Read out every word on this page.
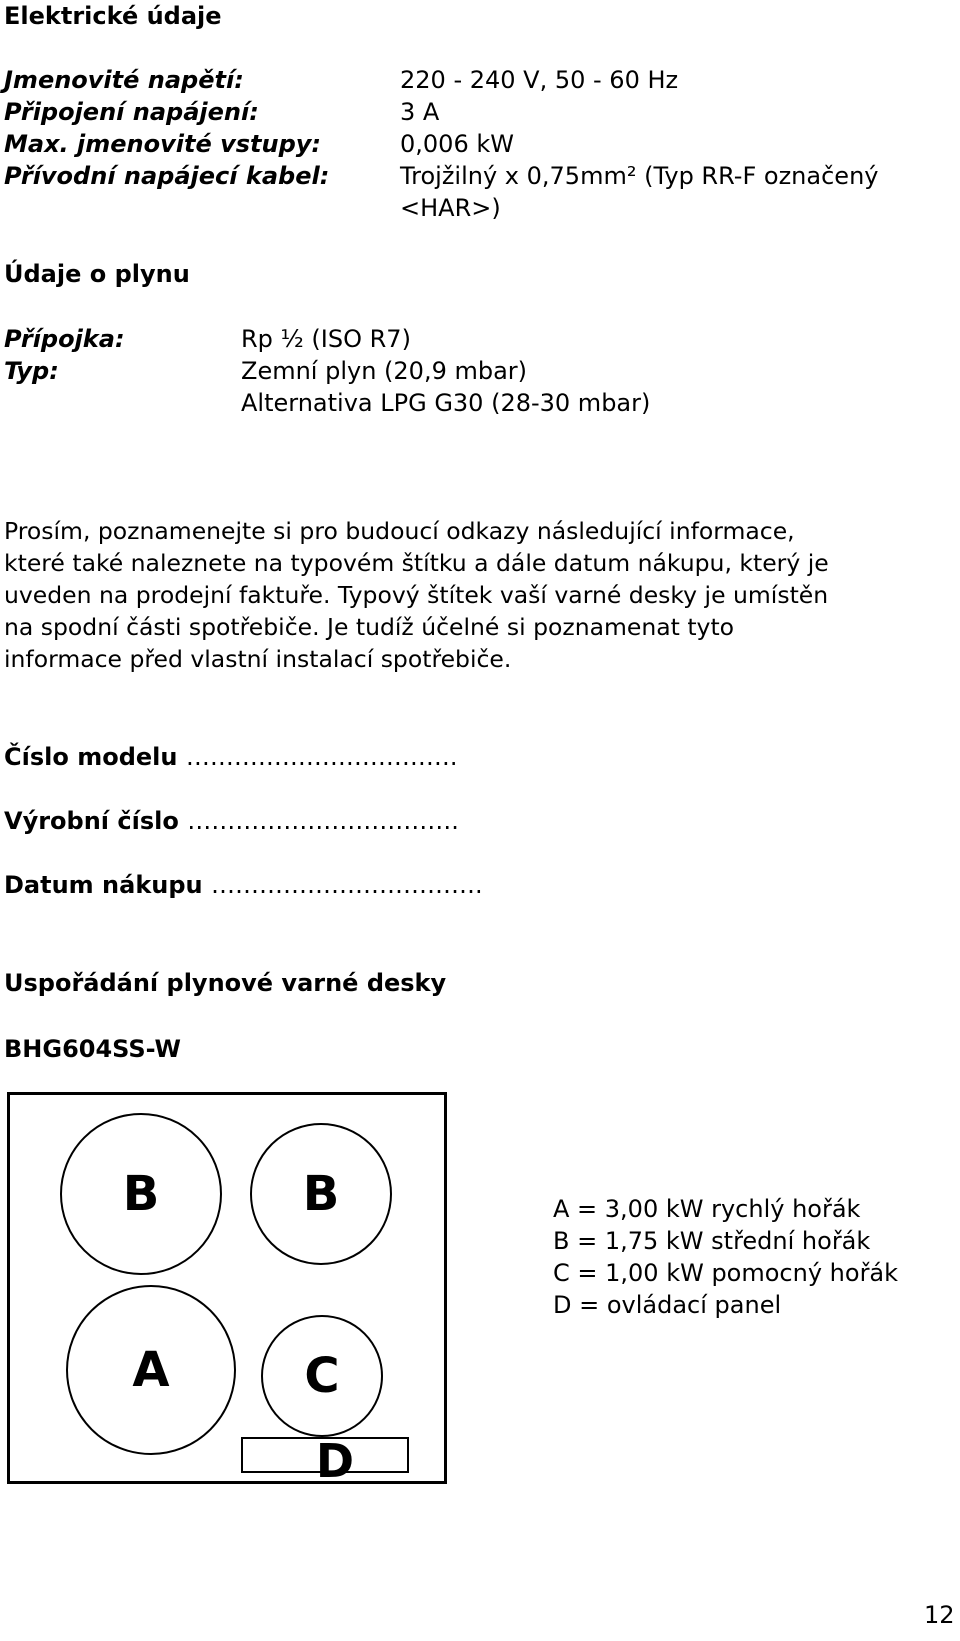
Elektrické údaje
Jmenovité napětí:	220 - 240 V, 50 - 60 Hz
Připojení napájení:	3 A
Max. jmenovité vstupy:	0,006 kW
Přívodní napájecí kabel:	Trojžilný x 0,75mm² (Typ RR-F označený
<HAR>)
Údaje o plynu
Přípojka:	Rp ½ (ISO R7)
Typ:	Zemní plyn (20,9 mbar)
Alternativa LPG G30 (28-30 mbar)
Prosím, poznamenejte si pro budoucí odkazy následující informace,
které také naleznete na typovém štítku a dále datum nákupu, který je
uveden na prodejní faktuře. Typový štítek vaší varné desky je umístěn
na spodní části spotřebiče. Je tudíž účelné si poznamenat tyto
informace před vlastní instalací spotřebiče.
Číslo modelu …………………………….
Výrobní číslo …………………………….
Datum nákupu …………………………….
Uspořádání plynové varné desky
BHG604SS-W
B	B
A	C
D
A = 3,00 kW rychlý hořák
B = 1,75 kW střední hořák
C = 1,00 kW pomocný hořák
D = ovládací panel
12
